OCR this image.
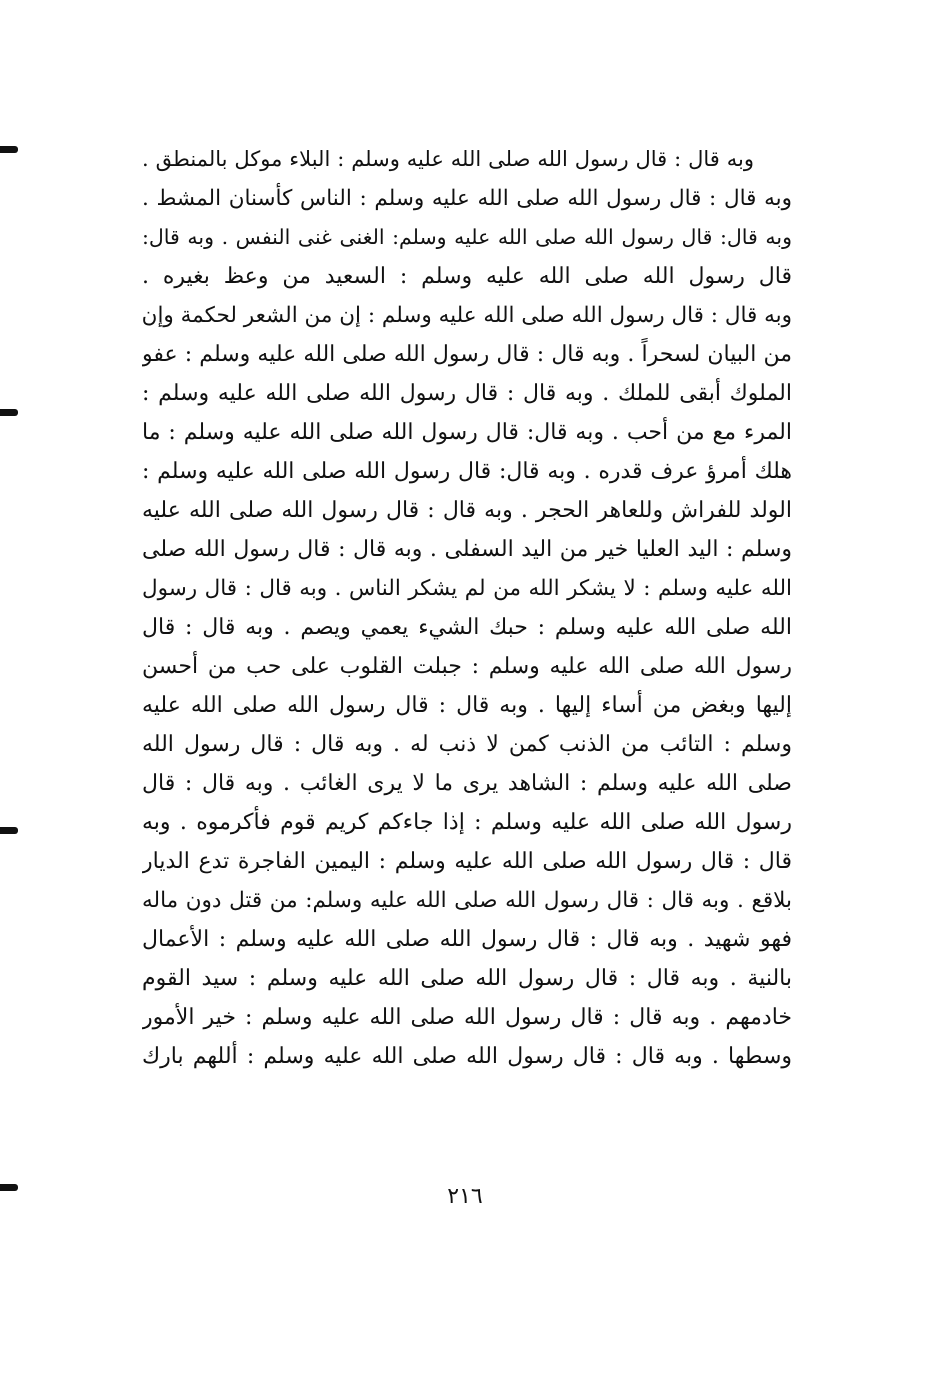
وبه قال : قال رسول الله صلى الله عليه وسلم : البلاء موكل بالمنطق .
وبه قال : قال رسول الله صلى الله عليه وسلم : الناس كأسنان المشط .
وبه قال: قال رسول الله صلى الله عليه وسلم: الغنى غنى النفس . وبه قال:
قال رسول الله صلى الله عليه وسلم : السعيد من وعظ بغيره .
وبه قال : قال رسول الله صلى الله عليه وسلم : إن من الشعر لحكمة وإن
من البيان لسحراً . وبه قال : قال رسول الله صلى الله عليه وسلم : عفو
الملوك أبقى للملك . وبه قال : قال رسول الله صلى الله عليه وسلم :
المرء مع من أحب . وبه قال: قال رسول الله صلى الله عليه وسلم : ما
هلك أمرؤ عرف قدره . وبه قال: قال رسول الله صلى الله عليه وسلم :
الولد للفراش وللعاهر الحجر . وبه قال : قال رسول الله صلى الله عليه
وسلم : اليد العليا خير من اليد السفلى . وبه قال : قال رسول الله صلى
الله عليه وسلم : لا يشكر الله من لم يشكر الناس . وبه قال : قال رسول
الله صلى الله عليه وسلم : حبك الشيء يعمي ويصم . وبه قال : قال
رسول الله صلى الله عليه وسلم : جبلت القلوب على حب من أحسن
إليها وبغض من أساء إليها . وبه قال : قال رسول الله صلى الله عليه
وسلم : التائب من الذنب كمن لا ذنب له . وبه قال : قال رسول الله
صلى الله عليه وسلم : الشاهد يرى ما لا يرى الغائب . وبه قال : قال
رسول الله صلى الله عليه وسلم : إذا جاءكم كريم قوم فأكرموه . وبه
قال : قال رسول الله صلى الله عليه وسلم : اليمين الفاجرة تدع الديار
بلاقع . وبه قال : قال رسول الله صلى الله عليه وسلم: من قتل دون ماله
فهو شهيد . وبه قال : قال رسول الله صلى الله عليه وسلم : الأعمال
بالنية . وبه قال : قال رسول الله صلى الله عليه وسلم : سيد القوم
خادمهم . وبه قال : قال رسول الله صلى الله عليه وسلم : خير الأمور
وسطها . وبه قال : قال رسول الله صلى الله عليه وسلم : أللهم بارك
٢١٦
